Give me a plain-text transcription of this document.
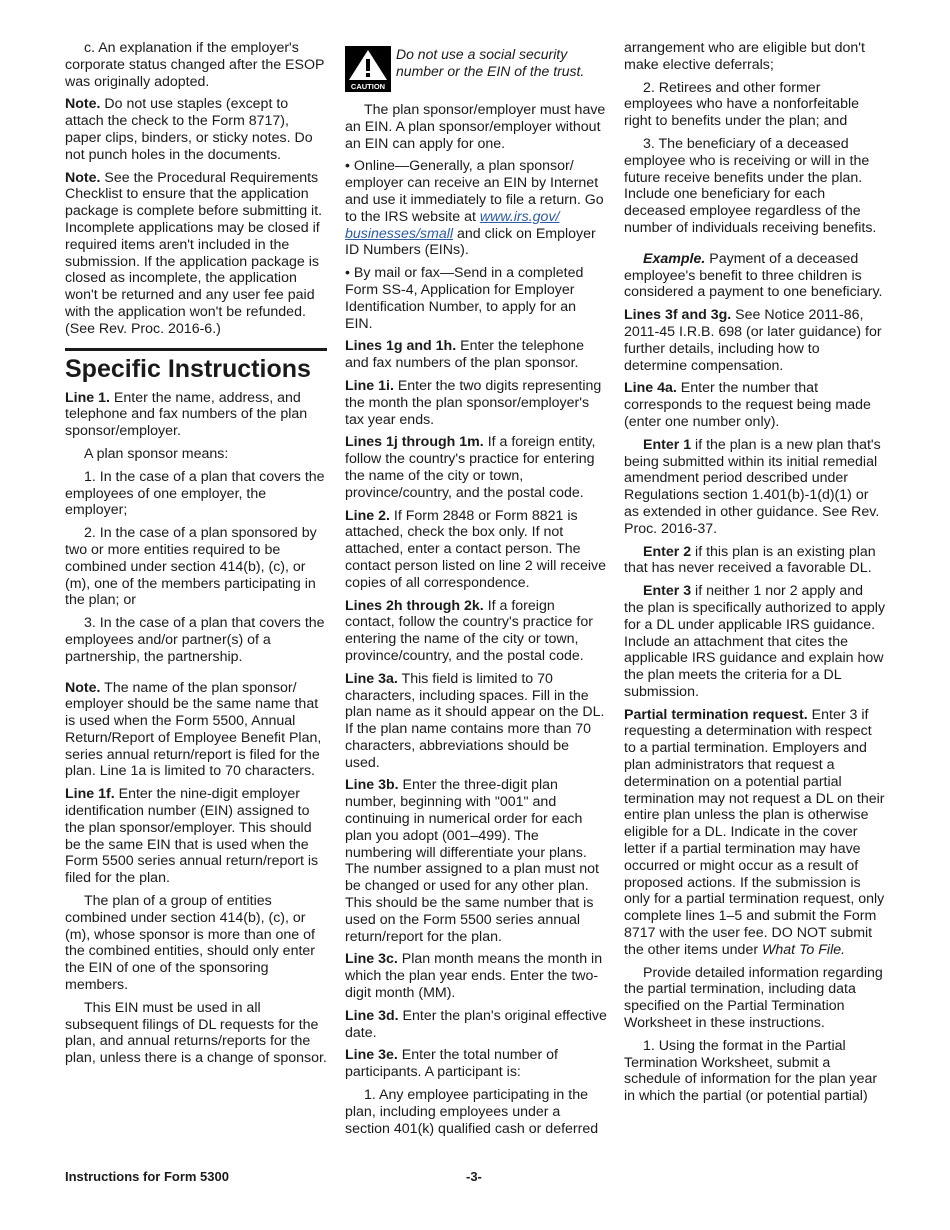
c. An explanation if the employer's corporate status changed after the ESOP was originally adopted.

Note. Do not use staples (except to attach the check to the Form 8717), paper clips, binders, or sticky notes. Do not punch holes in the documents.

Note. See the Procedural Requirements Checklist to ensure that the application package is complete before submitting it. Incomplete applications may be closed if required items aren't included in the submission. If the application package is closed as incomplete, the application won't be returned and any user fee paid with the application won't be refunded. (See Rev. Proc. 2016-6.)

Specific Instructions

Line 1. Enter the name, address, and telephone and fax numbers of the plan sponsor/employer.

A plan sponsor means:

1. In the case of a plan that covers the employees of one employer, the employer;

2. In the case of a plan sponsored by two or more entities required to be combined under section 414(b), (c), or (m), one of the members participating in the plan; or

3. In the case of a plan that covers the employees and/or partner(s) of a partnership, the partnership.

Note. The name of the plan sponsor/ employer should be the same name that is used when the Form 5500, Annual Return/Report of Employee Benefit Plan, series annual return/report is filed for the plan. Line 1a is limited to 70 characters.

Line 1f. Enter the nine-digit employer identification number (EIN) assigned to the plan sponsor/employer. This should be the same EIN that is used when the Form 5500 series annual return/report is filed for the plan.

The plan of a group of entities combined under section 414(b), (c), or (m), whose sponsor is more than one of the combined entities, should only enter the EIN of one of the sponsoring members.

This EIN must be used in all subsequent filings of DL requests for the plan, and annual returns/reports for the plan, unless there is a change of sponsor.

CAUTION
Do not use a social security number or the EIN of the trust.

The plan sponsor/employer must have an EIN. A plan sponsor/employer without an EIN can apply for one.

• Online—Generally, a plan sponsor/ employer can receive an EIN by Internet and use it immediately to file a return. Go to the IRS website at www.irs.gov/ businesses/small and click on Employer ID Numbers (EINs).

• By mail or fax—Send in a completed Form SS-4, Application for Employer Identification Number, to apply for an EIN.

Lines 1g and 1h. Enter the telephone and fax numbers of the plan sponsor.

Line 1i. Enter the two digits representing the month the plan sponsor/employer's tax year ends.

Lines 1j through 1m. If a foreign entity, follow the country's practice for entering the name of the city or town, province/country, and the postal code.

Line 2. If Form 2848 or Form 8821 is attached, check the box only. If not attached, enter a contact person. The contact person listed on line 2 will receive copies of all correspondence.

Lines 2h through 2k. If a foreign contact, follow the country's practice for entering the name of the city or town, province/country, and the postal code.

Line 3a. This field is limited to 70 characters, including spaces. Fill in the plan name as it should appear on the DL. If the plan name contains more than 70 characters, abbreviations should be used.

Line 3b. Enter the three-digit plan number, beginning with "001" and continuing in numerical order for each plan you adopt (001–499). The numbering will differentiate your plans. The number assigned to a plan must not be changed or used for any other plan. This should be the same number that is used on the Form 5500 series annual return/report for the plan.

Line 3c. Plan month means the month in which the plan year ends. Enter the two-digit month (MM).

Line 3d. Enter the plan's original effective date.

Line 3e. Enter the total number of participants. A participant is:

1. Any employee participating in the plan, including employees under a section 401(k) qualified cash or deferred

arrangement who are eligible but don't make elective deferrals;

2. Retirees and other former employees who have a nonforfeitable right to benefits under the plan; and

3. The beneficiary of a deceased employee who is receiving or will in the future receive benefits under the plan. Include one beneficiary for each deceased employee regardless of the number of individuals receiving benefits.

Example. Payment of a deceased employee's benefit to three children is considered a payment to one beneficiary.

Lines 3f and 3g. See Notice 2011-86, 2011-45 I.R.B. 698 (or later guidance) for further details, including how to determine compensation.

Line 4a. Enter the number that corresponds to the request being made (enter one number only).

Enter 1 if the plan is a new plan that's being submitted within its initial remedial amendment period described under Regulations section 1.401(b)-1(d)(1) or as extended in other guidance. See Rev. Proc. 2016-37.

Enter 2 if this plan is an existing plan that has never received a favorable DL.

Enter 3 if neither 1 nor 2 apply and the plan is specifically authorized to apply for a DL under applicable IRS guidance. Include an attachment that cites the applicable IRS guidance and explain how the plan meets the criteria for a DL submission.

Partial termination request. Enter 3 if requesting a determination with respect to a partial termination. Employers and plan administrators that request a determination on a potential partial termination may not request a DL on their entire plan unless the plan is otherwise eligible for a DL. Indicate in the cover letter if a partial termination may have occurred or might occur as a result of proposed actions. If the submission is only for a partial termination request, only complete lines 1–5 and submit the Form 8717 with the user fee. DO NOT submit the other items under What To File.

Provide detailed information regarding the partial termination, including data specified on the Partial Termination Worksheet in these instructions.

1. Using the format in the Partial Termination Worksheet, submit a schedule of information for the plan year in which the partial (or potential partial)

Instructions for Form 5300	-3-
